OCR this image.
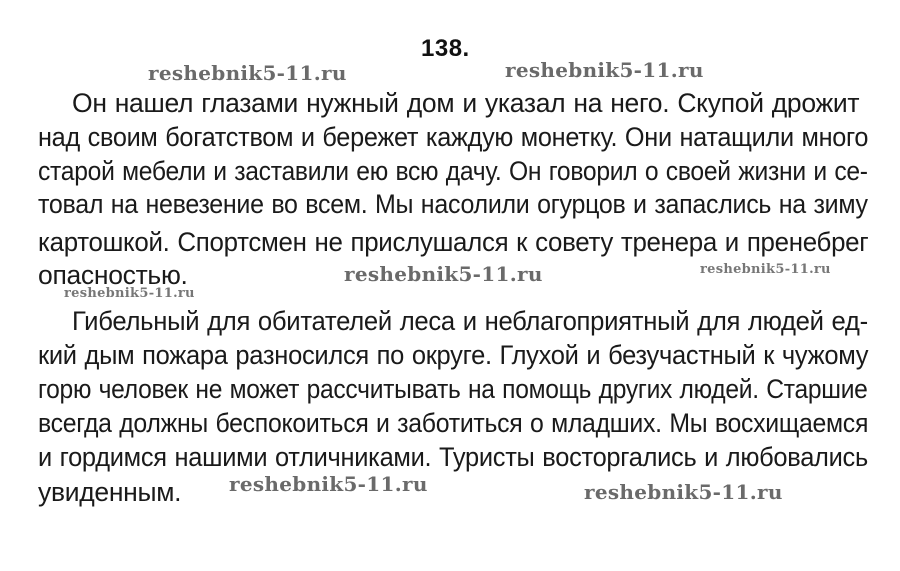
138.
reshebnik5-11.ru	reshebnik5-11.ru
reshebnik5-11.ru	reshebnik5-11.ru
reshebnik5-11.ru
reshebnik5-11.ru	reshebnik5-11.ru
Он нашел глазами нужный дом и указал на него. Скупой дрожит
над своим богатством и бережет каждую монетку. Они натащили много
старой мебели и заставили ею всю дачу. Он говорил о своей жизни и се-
товал на невезение во всем. Мы насолили огурцов и запаслись на зиму
картошкой. Спортсмен не прислушался к совету тренера и пренебрег
опасностью.
Гибельный для обитателей леса и неблагоприятный для людей ед-
кий дым пожара разносился по округе. Глухой и безучастный к чужому
горю человек не может рассчитывать на помощь других людей. Старшие
всегда должны беспокоиться и заботиться о младших. Мы восхищаемся
и гордимся нашими отличниками. Туристы восторгались и любовались
увиденным.
